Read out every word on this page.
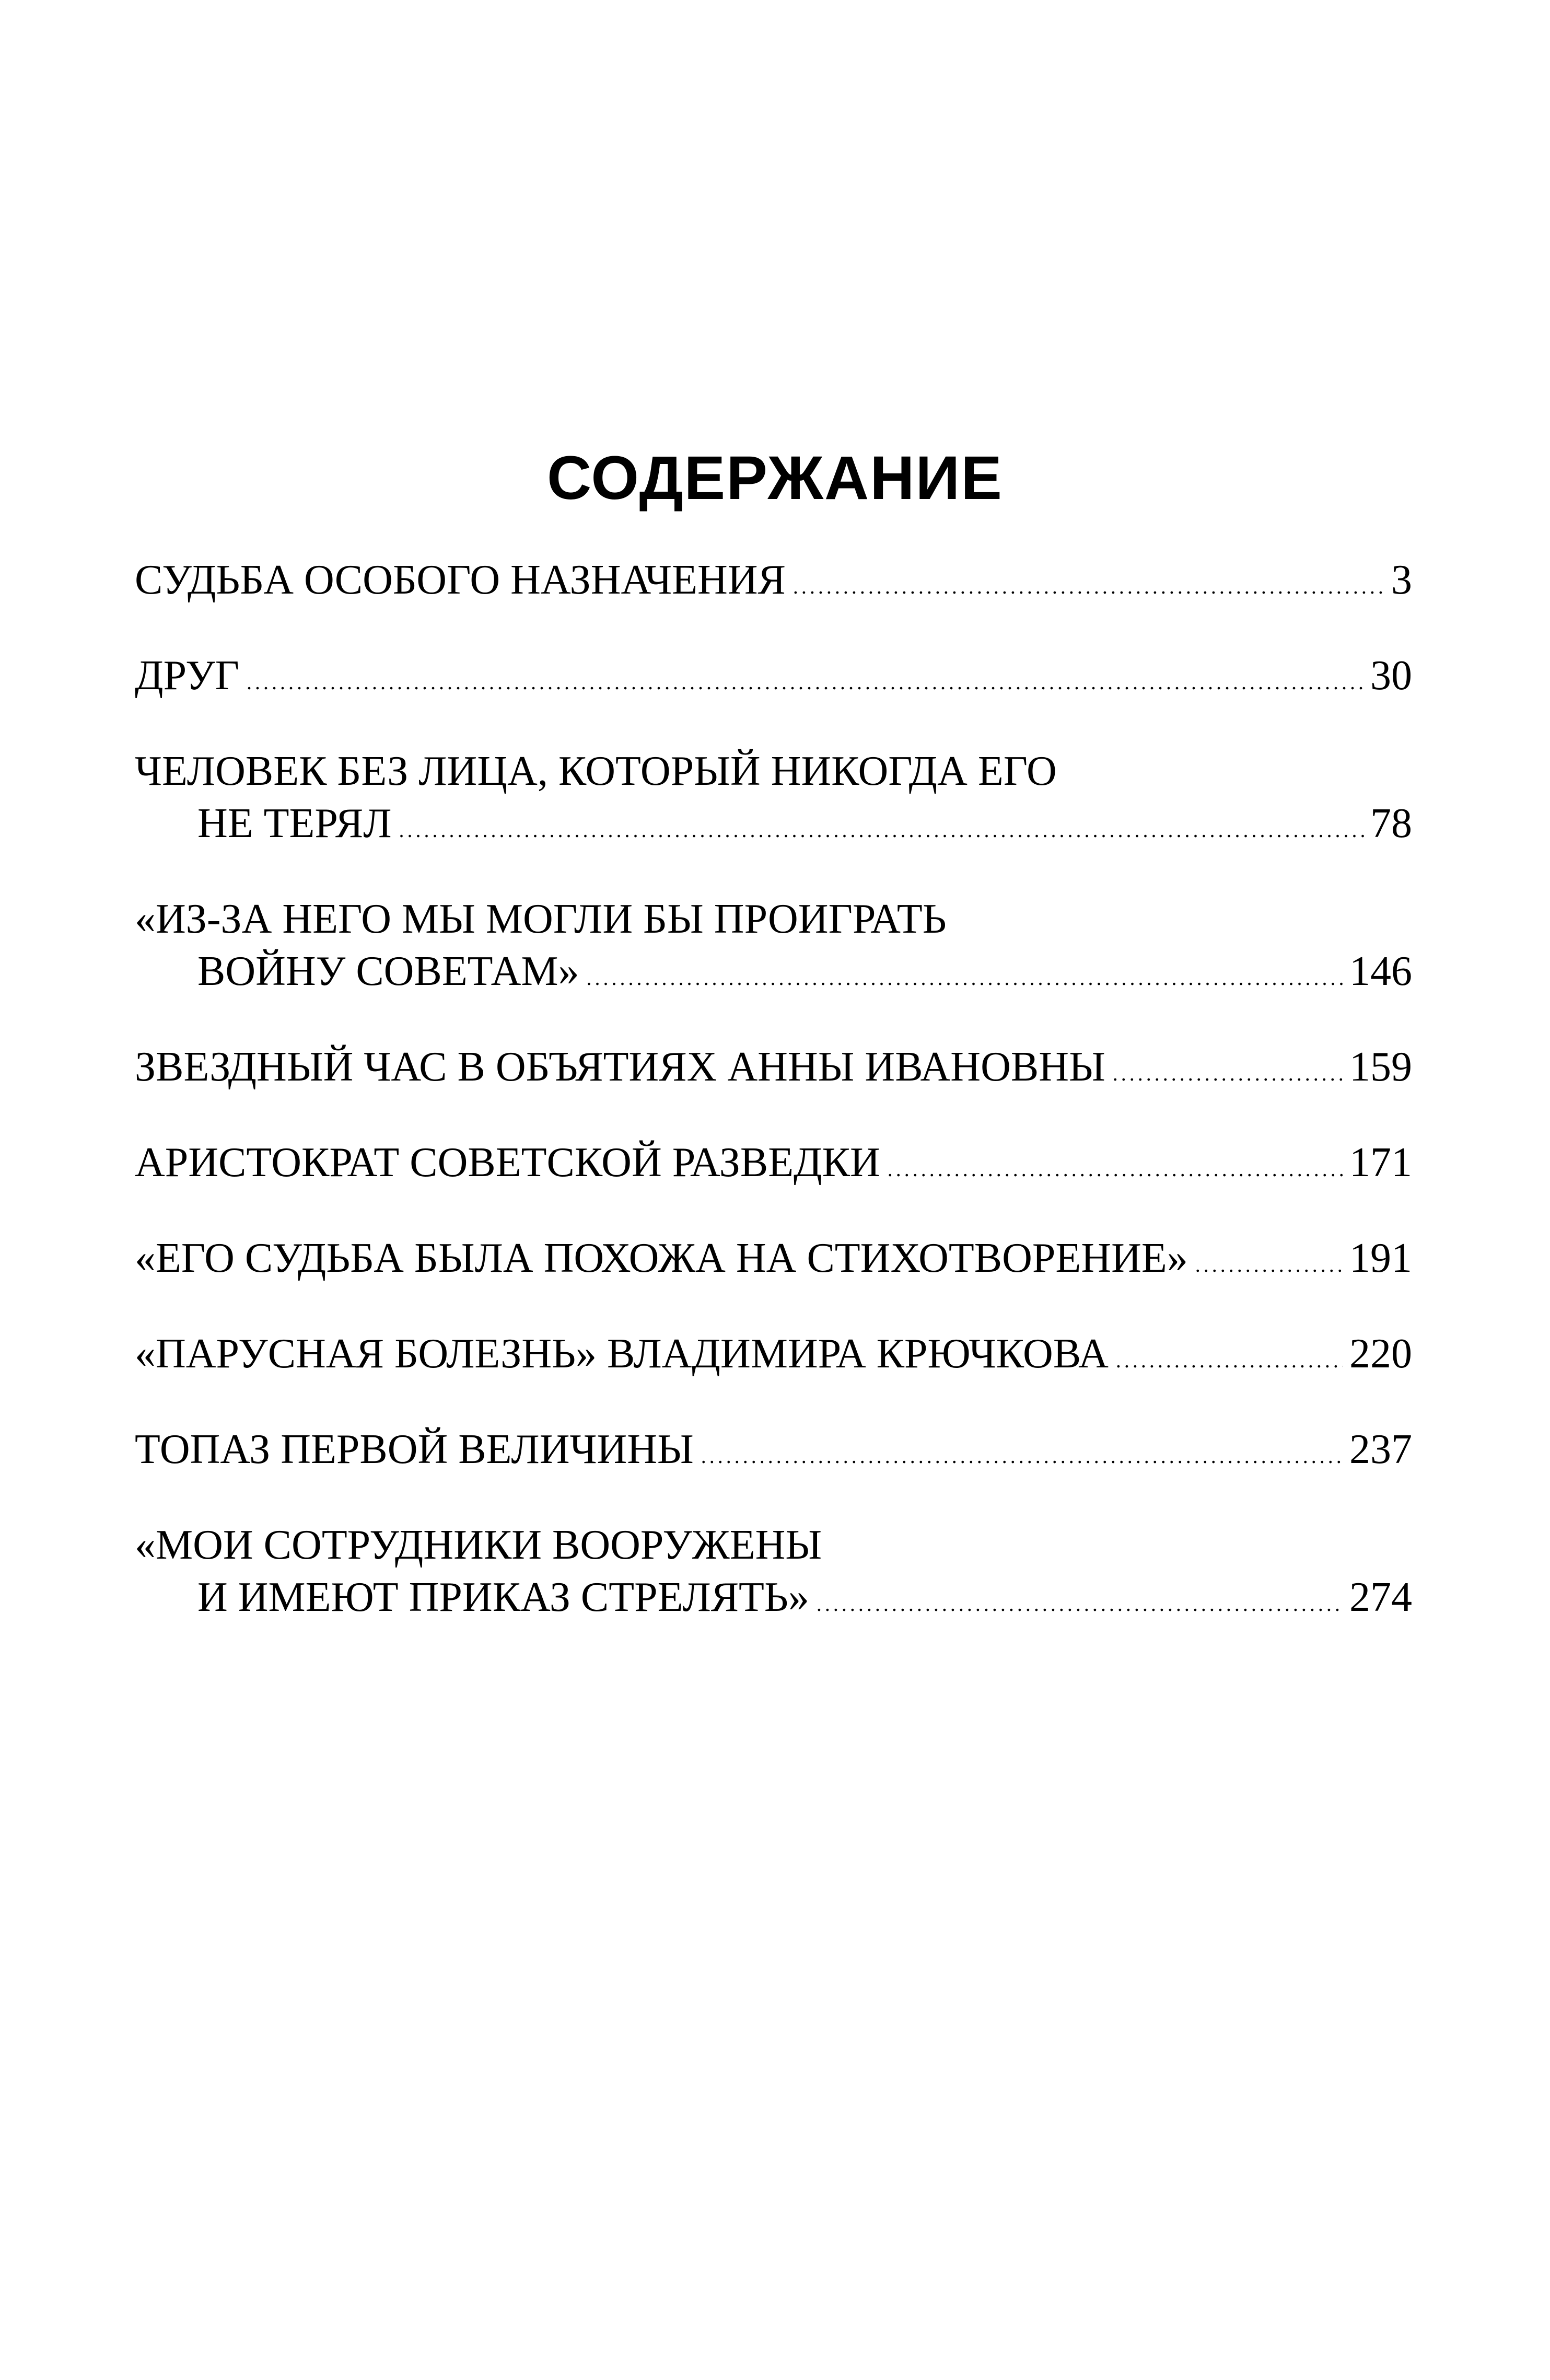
СОДЕРЖАНИЕ
СУДЬБА ОСОБОГО НАЗНАЧЕНИЯ .....	3
ДРУГ .....	30
ЧЕЛОВЕК БЕЗ ЛИЦА, КОТОРЫЙ НИКОГДА ЕГО
НЕ ТЕРЯЛ .....	78
«ИЗ-ЗА НЕГО МЫ МОГЛИ БЫ ПРОИГРАТЬ
ВОЙНУ СОВЕТАМ» .....	146
ЗВЕЗДНЫЙ ЧАС В ОБЪЯТИЯХ АННЫ ИВАНОВНЫ .....	159
АРИСТОКРАТ СОВЕТСКОЙ РАЗВЕДКИ .....	171
«ЕГО СУДЬБА БЫЛА ПОХОЖА НА СТИХОТВОРЕНИЕ» .....	191
«ПАРУСНАЯ БОЛЕЗНЬ» ВЛАДИМИРА КРЮЧКОВА .....	220
ТОПАЗ ПЕРВОЙ ВЕЛИЧИНЫ .....	237
«МОИ СОТРУДНИКИ ВООРУЖЕНЫ
И ИМЕЮТ ПРИКАЗ СТРЕЛЯТЬ» .....	274
